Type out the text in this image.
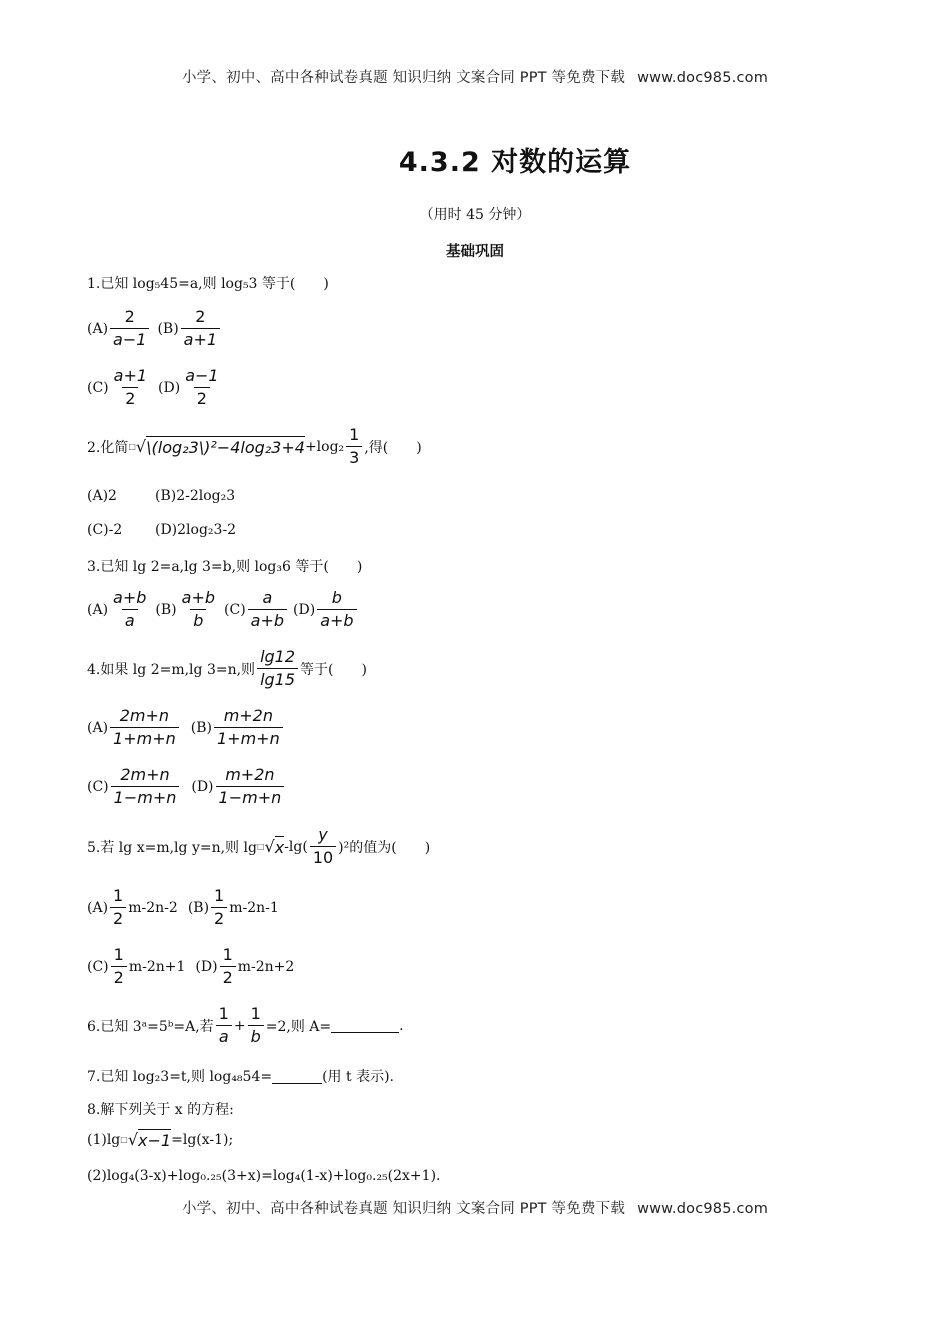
小学、初中、高中各种试卷真题 知识归纳 文案合同 PPT 等免费下载 www.doc985.com
4.3.2 对数的运算
（用时 45 分钟）
基础巩固
1.已知 log₅45=a,则 log₅3 等于(　　)
$(A) \frac{2}{a-1} (B) \frac{2}{a+1}$
$(C) \frac{a+1}{2} (D) \frac{a-1}{2}$
2.化简 □ √ \(log₂3\)²−4log₂3+4 $+\log_2 \frac{1}{3}$ ,得(　　)
(A)2	(B)2-2log₂3
(C)-2	(D)2log₂3-2
3.已知 lg 2=a,lg 3=b,则 log₃6 等于(　　)
$(A) \frac{a+b}{a} (B) \frac{a+b}{b} (C) \frac{a}{a+b} (D) \frac{b}{a+b}$
4.如果 lg 2=m,lg 3=n,则 $\frac{\lg 12}{\lg 15}$ 等于(　　)
$(A) \frac{2m+n}{1+m+n} (B) \frac{m+2n}{1+m+n}$
$(C) \frac{2m+n}{1-m+n} (D) \frac{m+2n}{1-m+n}$
5.若 lg x=m,lg y=n,则 lg □ √ x $-\lg( \frac{y}{10} )^2$的值为(　　)
$(A) \frac{1}{2} m-2n-2$ $(B) \frac{1}{2} m-2n-1$
$(C) \frac{1}{2} m-2n+1$ $(D) \frac{1}{2} m-2n+2$
6.已知 3ᵃ=5ᵇ=A,若 $\frac{1}{a} + \frac{1}{b} =2$,则 A=	.
7.已知 log₂3=t,则 log₄₈54=	(用 t 表示).
8.解下列关于 x 的方程:
(1)lg □ √ x−1 =lg(x-1);
(2)log₄(3-x)+log₀.₂₅(3+x)=log₄(1-x)+log₀.₂₅(2x+1).
小学、初中、高中各种试卷真题 知识归纳 文案合同 PPT 等免费下载 www.doc985.com
